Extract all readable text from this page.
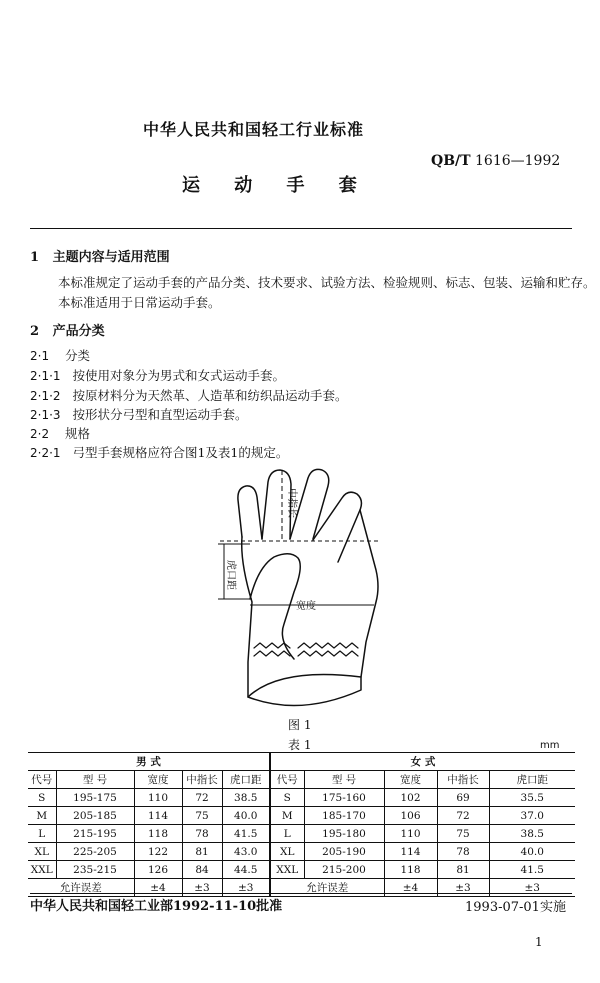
中华人民共和国轻工行业标准
QB/T 1616—1992
运 动 手 套
1 主题内容与适用范围
本标准规定了运动手套的产品分类、技术要求、试验方法、检验规则、标志、包装、运输和贮存。
本标准适用于日常运动手套。
2 产品分类
2·1 分类
2·1·1 按使用对象分为男式和女式运动手套。
2·1·2 按原材料分为天然革、人造革和纺织品运动手套。
2·1·3 按形状分弓型和直型运动手套。
2·2 规格
2·2·1 弓型手套规格应符合图1及表1的规定。
宽度
中指长
虎口距
图 1
表 1	mm
男 式					女 式				
代号	型 号	宽度	中指长	虎口距	代号	型 号	宽度	中指长	虎口距
S	195-175	110	72	38.5	S	175-160	102	69	35.5
M	205-185	114	75	40.0	M	185-170	106	72	37.0
L	215-195	118	78	41.5	L	195-180	110	75	38.5
XL	225-205	122	81	43.0	XL	205-190	114	78	40.0
XXL	235-215	126	84	44.5	XXL	215-200	118	81	41.5
允许误差		±4	±3	±3	允许误差		±4	±3	±3
中华人民共和国轻工业部1992-11-10批准	1993-07-01实施
1
